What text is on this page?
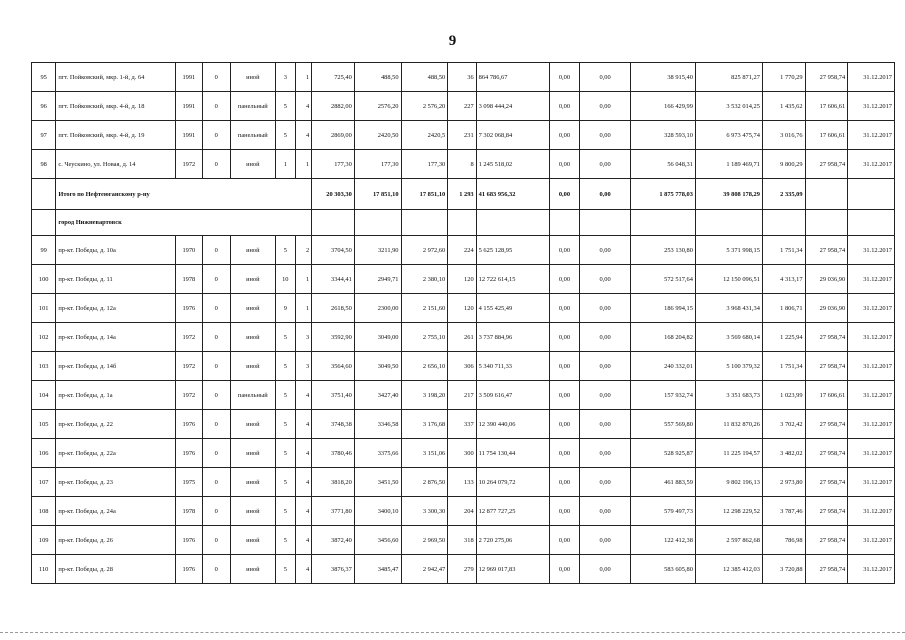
9
95	пгт. Пойковский, мкр. 1-й, д. 64	1991	0	иной	3	1	725,40	488,50	488,50	36	864 786,67	0,00	0,00	38 915,40	825 871,27	1 770,29	27 958,74	31.12.2017
96	пгт. Пойковский, мкр. 4-й, д. 18	1991	0	панельный	5	4	2882,00	2576,20	2 576,20	227	3 098 444,24	0,00	0,00	166 429,99	3 532 014,25	1 435,62	17 606,61	31.12.2017
97	пгт. Пойковский, мкр. 4-й, д. 19	1991	0	панельный	5	4	2869,00	2420,50	2420,5	231	7 302 068,84	0,00	0,00	328 593,10	6 973 475,74	3 016,76	17 606,61	31.12.2017
98	с. Чеускино, ул. Новая, д. 14	1972	0	иной	1	1	177,30	177,30	177,30	8	1 245 518,02	0,00	0,00	56 048,31	1 189 469,71	9 800,29	27 958,74	31.12.2017
	Итого по Нефтеюганскому р-ну						20 303,30	17 851,10	17 851,10	1 293	41 683 956,32	0,00	0,00	1 875 778,03	39 808 178,29	2 335,09		
	город Нижневартовск																	
99	пр-кт. Победы, д. 10а	1970	0	иной	5	2	3704,50	3211,90	2 972,60	224	5 625 128,95	0,00	0,00	253 130,80	5 371 998,15	1 751,34	27 958,74	31.12.2017
100	пр-кт. Победы, д. 11	1978	0	иной	10	1	3344,41	2949,71	2 380,10	120	12 722 614,15	0,00	0,00	572 517,64	12 150 096,51	4 313,17	29 036,90	31.12.2017
101	пр-кт. Победы, д. 12а	1976	0	иной	9	1	2618,50	2300,00	2 151,60	120	4 155 425,49	0,00	0,00	186 994,15	3 968 431,34	1 806,71	29 036,90	31.12.2017
102	пр-кт. Победы, д. 14а	1972	0	иной	5	3	3592,90	3049,00	2 755,10	261	3 737 884,96	0,00	0,00	168 204,82	3 569 680,14	1 225,94	27 958,74	31.12.2017
103	пр-кт. Победы, д. 14б	1972	0	иной	5	3	3564,60	3049,50	2 656,10	306	5 340 711,33	0,00	0,00	240 332,01	5 100 379,32	1 751,34	27 958,74	31.12.2017
104	пр-кт. Победы, д. 1а	1972	0	панельный	5	4	3751,40	3427,40	3 198,20	217	3 509 616,47	0,00	0,00	157 932,74	3 351 683,73	1 023,99	17 606,61	31.12.2017
105	пр-кт. Победы, д. 22	1976	0	иной	5	4	3748,38	3346,58	3 176,68	337	12 390 440,06	0,00	0,00	557 569,80	11 832 870,26	3 702,42	27 958,74	31.12.2017
106	пр-кт. Победы, д. 22а	1976	0	иной	5	4	3780,46	3375,66	3 151,06	300	11 754 130,44	0,00	0,00	528 925,87	11 225 194,57	3 482,02	27 958,74	31.12.2017
107	пр-кт. Победы, д. 23	1975	0	иной	5	4	3818,20	3451,50	2 876,50	133	10 264 079,72	0,00	0,00	461 883,59	9 802 196,13	2 973,80	27 958,74	31.12.2017
108	пр-кт. Победы, д. 24а	1978	0	иной	5	4	3771,80	3400,10	3 300,30	204	12 877 727,25	0,00	0,00	579 497,73	12 298 229,52	3 787,46	27 958,74	31.12.2017
109	пр-кт. Победы, д. 26	1976	0	иной	5	4	3872,40	3456,60	2 969,50	318	2 720 275,06	0,00	0,00	122 412,38	2 597 862,68	786,98	27 958,74	31.12.2017
110	пр-кт. Победы, д. 28	1976	0	иной	5	4	3876,37	3485,47	2 942,47	279	12 969 017,83	0,00	0,00	583 605,80	12 385 412,03	3 720,88	27 958,74	31.12.2017
